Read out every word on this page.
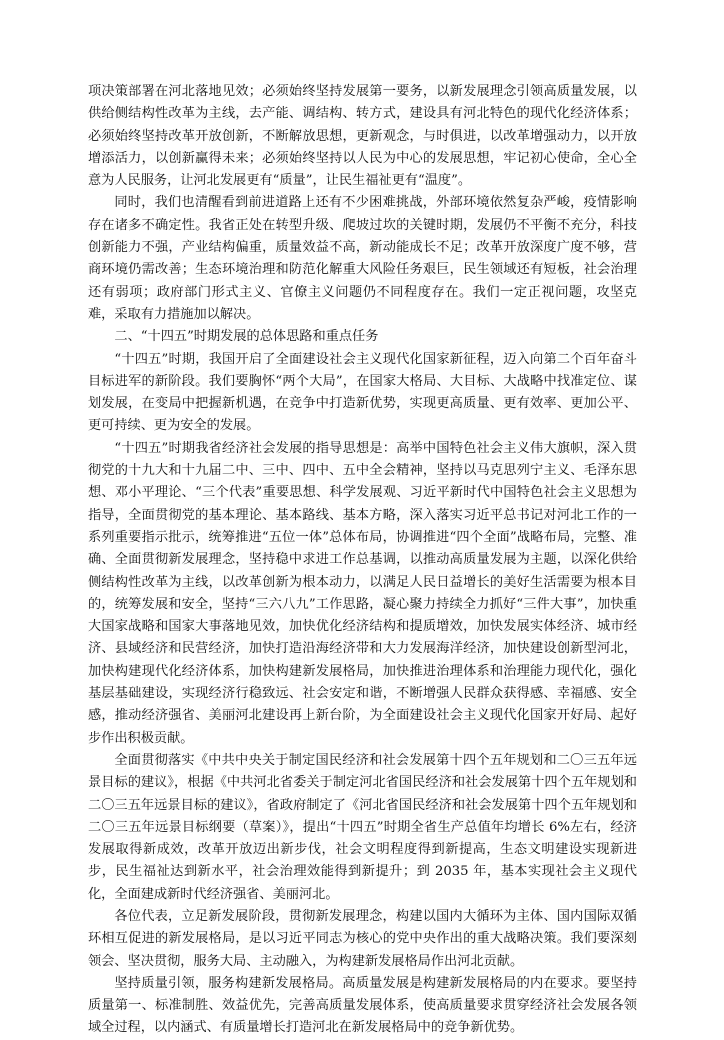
项决策部署在河北落地见效；必须始终坚持发展第一要务，以新发展理念引领高质量发展，以供给侧结构性改革为主线，去产能、调结构、转方式，建设具有河北特色的现代化经济体系；必须始终坚持改革开放创新，不断解放思想，更新观念，与时俱进，以改革增强动力，以开放增添活力，以创新赢得未来；必须始终坚持以人民为中心的发展思想，牢记初心使命，全心全意为人民服务，让河北发展更有“质量”，让民生福祉更有“温度”。

同时，我们也清醒看到前进道路上还有不少困难挑战，外部环境依然复杂严峻，疫情影响存在诸多不确定性。我省正处在转型升级、爬坡过坎的关键时期，发展仍不平衡不充分，科技创新能力不强，产业结构偏重，质量效益不高，新动能成长不足；改革开放深度广度不够，营商环境仍需改善；生态环境治理和防范化解重大风险任务艰巨，民生领域还有短板，社会治理还有弱项；政府部门形式主义、官僚主义问题仍不同程度存在。我们一定正视问题，攻坚克难，采取有力措施加以解决。

二、“十四五”时期发展的总体思路和重点任务

“十四五”时期，我国开启了全面建设社会主义现代化国家新征程，迈入向第二个百年奋斗目标进军的新阶段。我们要胸怀“两个大局”，在国家大格局、大目标、大战略中找准定位、谋划发展，在变局中把握新机遇，在竞争中打造新优势，实现更高质量、更有效率、更加公平、更可持续、更为安全的发展。

“十四五”时期我省经济社会发展的指导思想是：高举中国特色社会主义伟大旗帜，深入贯彻党的十九大和十九届二中、三中、四中、五中全会精神，坚持以马克思列宁主义、毛泽东思想、邓小平理论、“三个代表”重要思想、科学发展观、习近平新时代中国特色社会主义思想为指导，全面贯彻党的基本理论、基本路线、基本方略，深入落实习近平总书记对河北工作的一系列重要指示批示，统筹推进“五位一体”总体布局，协调推进“四个全面”战略布局，完整、准确、全面贯彻新发展理念，坚持稳中求进工作总基调，以推动高质量发展为主题，以深化供给侧结构性改革为主线，以改革创新为根本动力，以满足人民日益增长的美好生活需要为根本目的，统筹发展和安全，坚持“三六八九”工作思路，凝心聚力持续全力抓好“三件大事”，加快重大国家战略和国家大事落地见效，加快优化经济结构和提质增效，加快发展实体经济、城市经济、县域经济和民营经济，加快打造沿海经济带和大力发展海洋经济，加快建设创新型河北，加快构建现代化经济体系，加快构建新发展格局，加快推进治理体系和治理能力现代化，强化基层基础建设，实现经济行稳致远、社会安定和谐，不断增强人民群众获得感、幸福感、安全感，推动经济强省、美丽河北建设再上新台阶，为全面建设社会主义现代化国家开好局、起好步作出积极贡献。

全面贯彻落实《中共中央关于制定国民经济和社会发展第十四个五年规划和二〇三五年远景目标的建议》，根据《中共河北省委关于制定河北省国民经济和社会发展第十四个五年规划和二〇三五年远景目标的建议》，省政府制定了《河北省国民经济和社会发展第十四个五年规划和二〇三五年远景目标纲要（草案）》，提出“十四五”时期全省生产总值年均增长 6%左右，经济发展取得新成效，改革开放迈出新步伐，社会文明程度得到新提高，生态文明建设实现新进步，民生福祉达到新水平，社会治理效能得到新提升；到 2035 年，基本实现社会主义现代化，全面建成新时代经济强省、美丽河北。

各位代表，立足新发展阶段，贯彻新发展理念，构建以国内大循环为主体、国内国际双循环相互促进的新发展格局，是以习近平同志为核心的党中央作出的重大战略决策。我们要深刻领会、坚决贯彻，服务大局、主动融入，为构建新发展格局作出河北贡献。

坚持质量引领，服务构建新发展格局。高质量发展是构建新发展格局的内在要求。要坚持质量第一、标准制胜、效益优先，完善高质量发展体系，使高质量要求贯穿经济社会发展各领域全过程，以内涵式、有质量增长打造河北在新发展格局中的竞争新优势。
